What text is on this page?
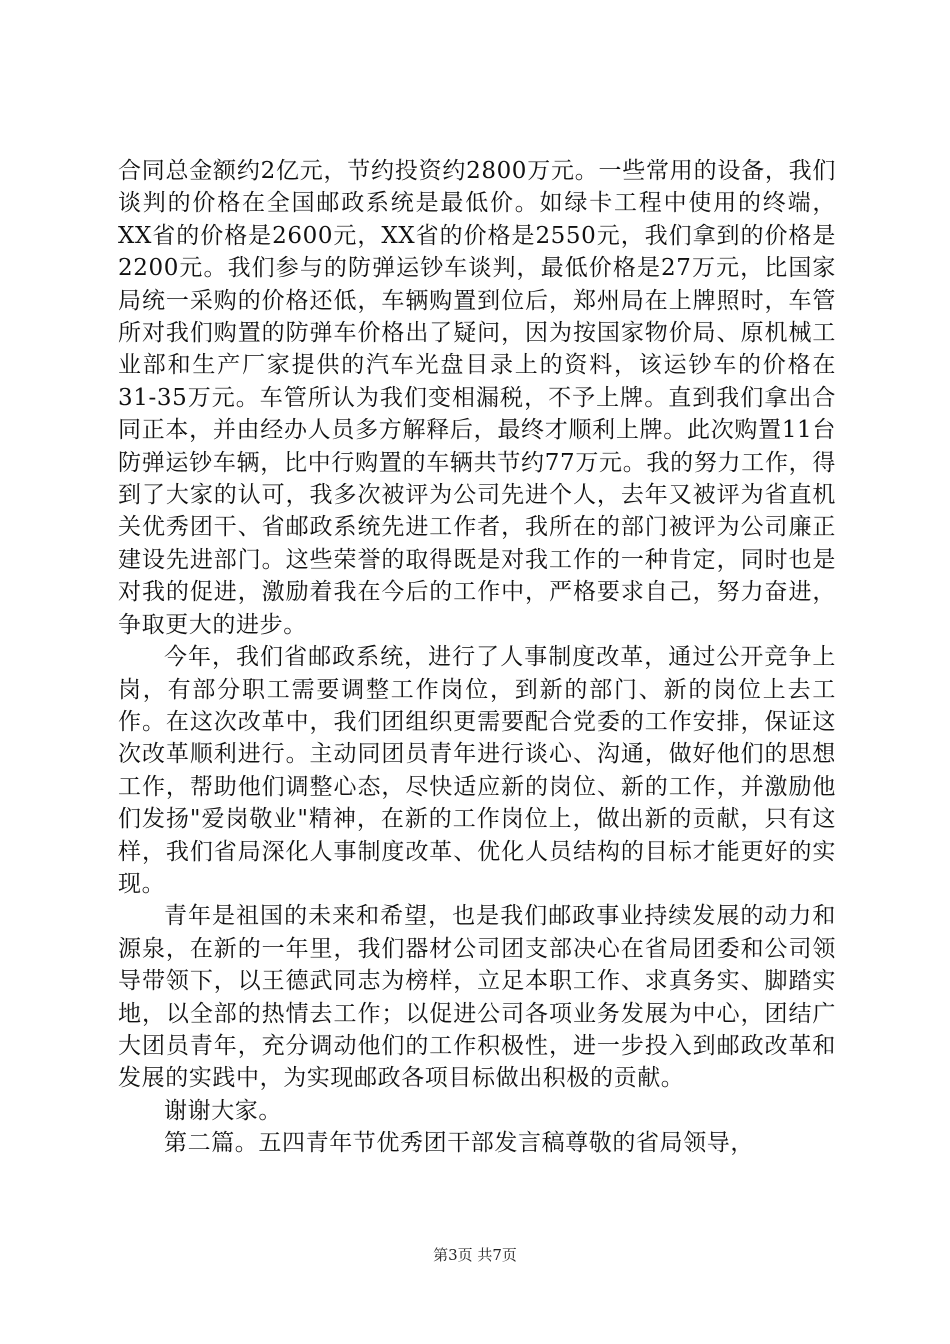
合同总金额约2亿元，节约投资约2800万元。一些常用的设备，我们谈判的价格在全国邮政系统是最低价。如绿卡工程中使用的终端，XX省的价格是2600元，XX省的价格是2550元，我们拿到的价格是2200元。我们参与的防弹运钞车谈判，最低价格是27万元，比国家局统一采购的价格还低，车辆购置到位后，郑州局在上牌照时，车管所对我们购置的防弹车价格出了疑问，因为按国家物价局、原机械工业部和生产厂家提供的汽车光盘目录上的资料，该运钞车的价格在31-35万元。车管所认为我们变相漏税，不予上牌。直到我们拿出合同正本，并由经办人员多方解释后，最终才顺利上牌。此次购置11台防弹运钞车辆，比中行购置的车辆共节约77万元。我的努力工作，得到了大家的认可，我多次被评为公司先进个人，去年又被评为省直机关优秀团干、省邮政系统先进工作者，我所在的部门被评为公司廉正建设先进部门。这些荣誉的取得既是对我工作的一种肯定，同时也是对我的促进，激励着我在今后的工作中，严格要求自己，努力奋进，争取更大的进步。

今年，我们省邮政系统，进行了人事制度改革，通过公开竞争上岗，有部分职工需要调整工作岗位，到新的部门、新的岗位上去工作。在这次改革中，我们团组织更需要配合党委的工作安排，保证这次改革顺利进行。主动同团员青年进行谈心、沟通，做好他们的思想工作，帮助他们调整心态，尽快适应新的岗位、新的工作，并激励他们发扬"爱岗敬业"精神，在新的工作岗位上，做出新的贡献，只有这样，我们省局深化人事制度改革、优化人员结构的目标才能更好的实现。

青年是祖国的未来和希望，也是我们邮政事业持续发展的动力和源泉，在新的一年里，我们器材公司团支部决心在省局团委和公司领导带领下，以王德武同志为榜样，立足本职工作、求真务实、脚踏实地，以全部的热情去工作；以促进公司各项业务发展为中心，团结广大团员青年，充分调动他们的工作积极性，进一步投入到邮政改革和发展的实践中，为实现邮政各项目标做出积极的贡献。

谢谢大家。

第二篇。五四青年节优秀团干部发言稿尊敬的省局领导，

第3页 共7页
